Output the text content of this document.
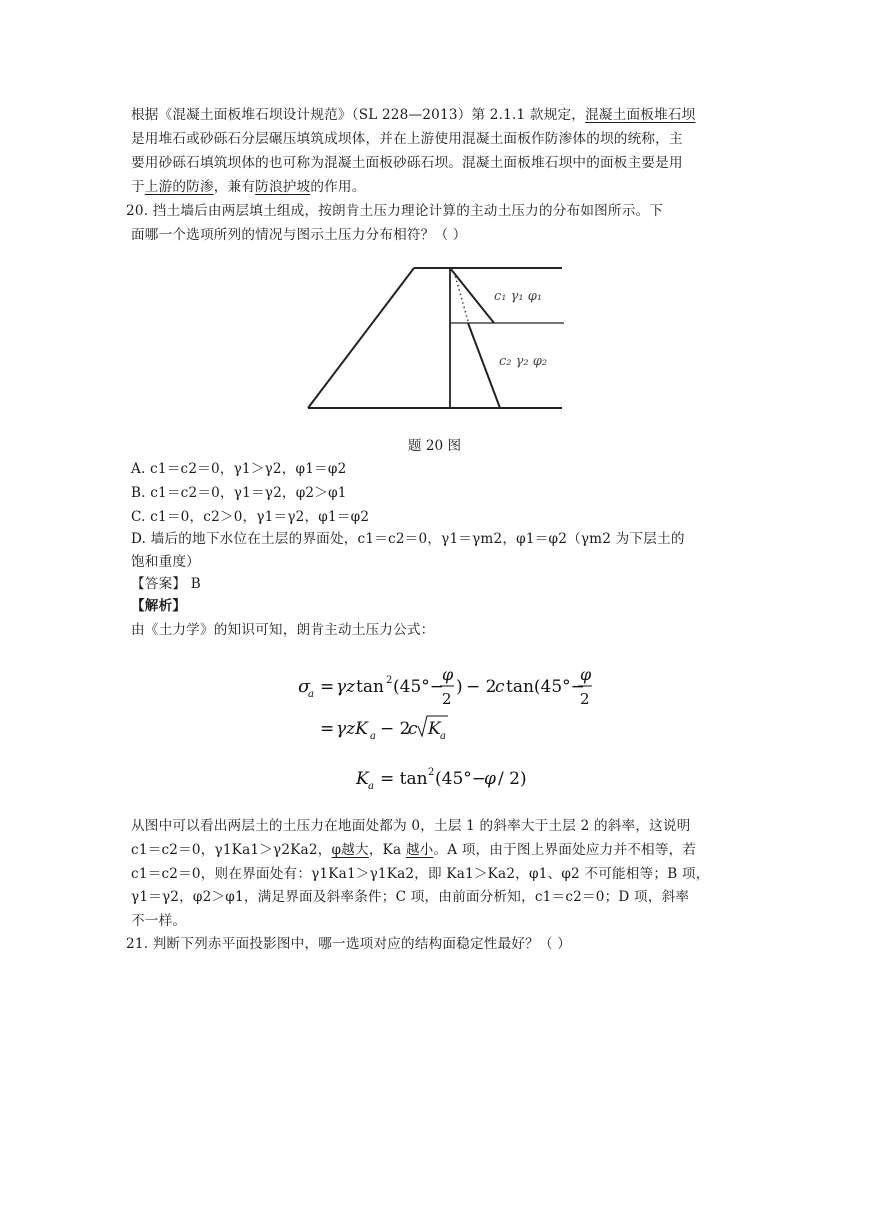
根据《混凝土面板堆石坝设计规范》（SL 228—2013）第 2.1.1 款规定，混凝土面板堆石坝
是用堆石或砂砾石分层碾压填筑成坝体，并在上游使用混凝土面板作防渗体的坝的统称，主
要用砂砾石填筑坝体的也可称为混凝土面板砂砾石坝。混凝土面板堆石坝中的面板主要是用
于上游的防渗，兼有防浪护坡的作用。
20. 挡土墙后由两层填土组成，按朗肯土压力理论计算的主动土压力的分布如图所示。下
面哪一个选项所列的情况与图示土压力分布相符？（ ）
c₁ γ₁ φ₁
c₂ γ₂ φ₂
题 20 图
A. c1＝c2＝0，γ1＞γ2，φ1＝φ2
B. c1＝c2＝0，γ1＝γ2，φ2＞φ1
C. c1＝0，c2＞0，γ1＝γ2，φ1＝φ2
D. 墙后的地下水位在土层的界面处，c1＝c2＝0，γ1＝γm2，φ1＝φ2（γm2 为下层土的
饱和重度）
【答案】 B
【解析】
由《土力学》的知识可知，朗肯主动土压力公式：
σ
a = γz tan 2 (45°−
φ
2
) − 2
c tan(45°−
φ
2
= γzK a − 2
c K a
K a = tan 2 (45°−
φ / 2)
从图中可以看出两层土的土压力在地面处都为 0，土层 1 的斜率大于土层 2 的斜率，这说明
c1＝c2＝0，γ1Ka1＞γ2Ka2，φ越大，Ka 越小。A 项，由于图上界面处应力并不相等，若
c1＝c2＝0，则在界面处有：γ1Ka1＞γ1Ka2，即 Ka1＞Ka2，φ1、φ2 不可能相等；B 项，
γ1＝γ2，φ2＞φ1，满足界面及斜率条件；C 项，由前面分析知，c1＝c2＝0；D 项，斜率
不一样。
21. 判断下列赤平面投影图中，哪一选项对应的结构面稳定性最好？（ ）
